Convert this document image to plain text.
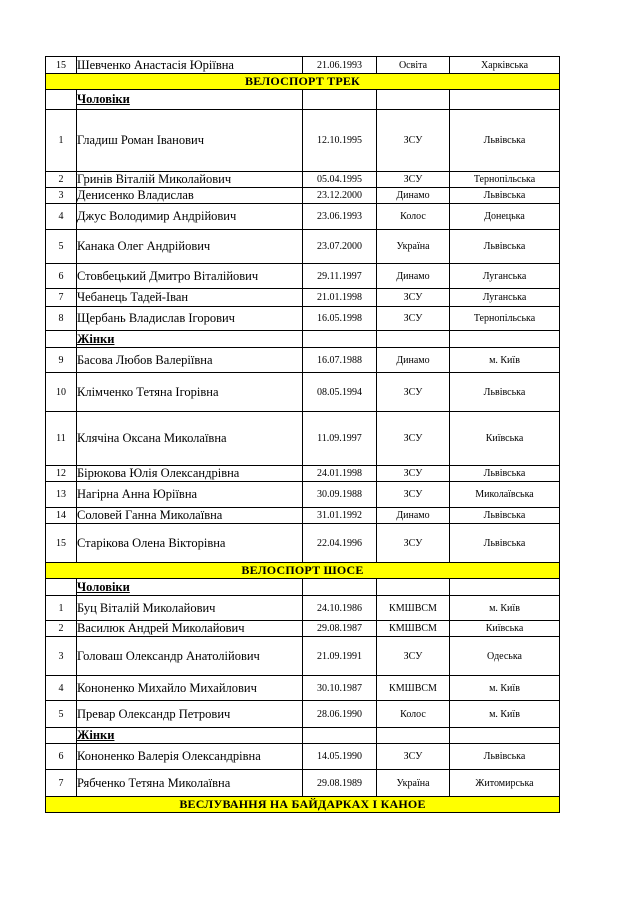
15	Шевченко Анастасія Юріївна	21.06.1993	Освіта	Харківська
ВЕЛОСПОРТ ТРЕК				
	Чоловіки			
1	Гладиш Роман Іванович	12.10.1995	ЗСУ	Львівська
2	Гринів Віталій Миколайович	05.04.1995	ЗСУ	Тернопільська
3	Денисенко Владислав	23.12.2000	Динамо	Львівська
4	Джус Володимир Андрійович	23.06.1993	Колос	Донецька
5	Канака Олег Андрійович	23.07.2000	Україна	Львівська
6	Стовбецький Дмитро Віталійович	29.11.1997	Динамо	Луганська
7	Чебанець Тадей-Іван	21.01.1998	ЗСУ	Луганська
8	Щербань Владислав Ігорович	16.05.1998	ЗСУ	Тернопільська
	Жінки			
9	Басова Любов Валеріївна	16.07.1988	Динамо	м. Київ
10	Клімченко Тетяна Ігорівна	08.05.1994	ЗСУ	Львівська
11	Клячіна Оксана Миколаївна	11.09.1997	ЗСУ	Київська
12	Бірюкова Юлія Олександрівна	24.01.1998	ЗСУ	Львівська
13	Нагірна Анна Юріївна	30.09.1988	ЗСУ	Миколаївська
14	Соловей Ганна Миколаївна	31.01.1992	Динамо	Львівська
15	Старікова Олена Вікторівна	22.04.1996	ЗСУ	Львівська
ВЕЛОСПОРТ ШОСЕ				
	Чоловіки			
1	Буц Віталій Миколайович	24.10.1986	КМШВСМ	м. Київ
2	Василюк Андрей Миколайович	29.08.1987	КМШВСМ	Київська
3	Головаш Олександр Анатолійович	21.09.1991	ЗСУ	Одеська
4	Кононенко Михайло Михайлович	30.10.1987	КМШВСМ	м. Київ
5	Превар Олександр Петрович	28.06.1990	Колос	м. Київ
	Жінки			
6	Кононенко Валерія Олександрівна	14.05.1990	ЗСУ	Львівська
7	Рябченко Тетяна Миколаївна	29.08.1989	Україна	Житомирська
ВЕСЛУВАННЯ НА БАЙДАРКАХ І КАНОЕ				
